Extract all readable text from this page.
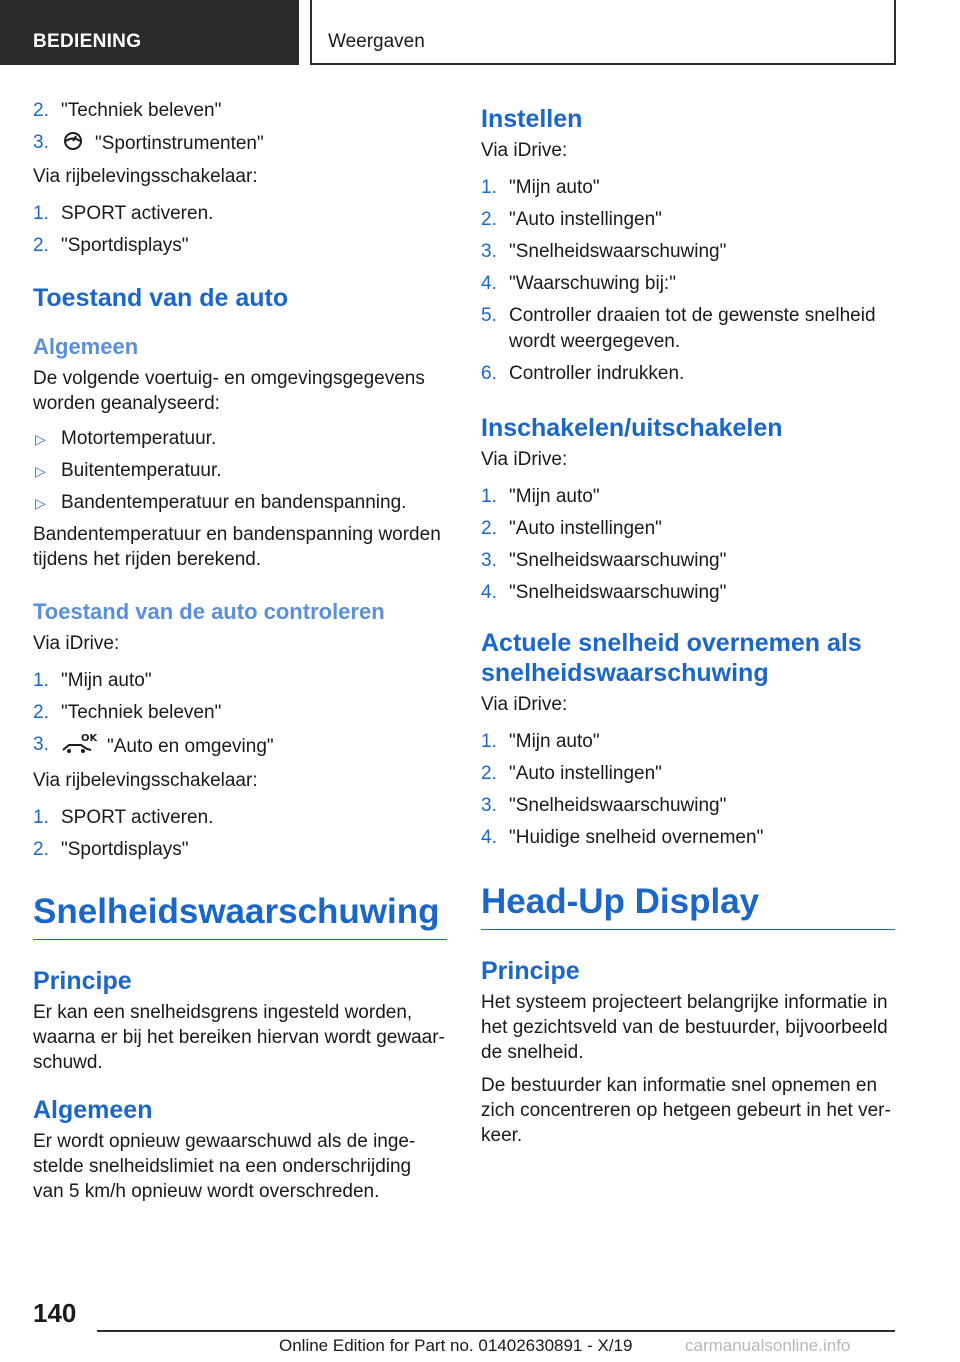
BEDIENING	Weergaven
2. "Techniek beleven"
3. "Sportinstrumenten"

Via rijbelevingsschakelaar:

1. SPORT activeren.
2. "Sportdisplays"
Toestand van de auto
Algemeen

De volgende voertuig- en omgevingsgegevens worden geanalyseerd:

▷ Motortemperatuur.
▷ Buitentemperatuur.
▷ Bandentemperatuur en bandenspanning.

Bandentemperatuur en bandenspanning worden tijdens het rijden berekend.

Toestand van de auto controleren

Via iDrive:

1. "Mijn auto"
2. "Techniek beleven"
3.	OK "Auto en omgeving"

Via rijbelevingsschakelaar:

1. SPORT activeren.
2. "Sportdisplays"
Snelheidswaarschuwing
Principe

Er kan een snelheidsgrens ingesteld worden, waarna er bij het bereiken hiervan wordt gewaar-schuwd.

Algemeen

Er wordt opnieuw gewaarschuwd als de inge-stelde snelheidslimiet na een onderschrijding van 5 km/h opnieuw wordt overschreden.

Instellen

Via iDrive:

1. "Mijn auto"
2. "Auto instellingen"
3. "Snelheidswaarschuwing"
4. "Waarschuwing bij:"
5. Controller draaien tot de gewenste snelheid wordt weergegeven.
6. Controller indrukken.
Inschakelen/uitschakelen

Via iDrive:

1. "Mijn auto"
2. "Auto instellingen"
3. "Snelheidswaarschuwing"
4. "Snelheidswaarschuwing"
Actuele snelheid overnemen als snelheidswaarschuwing

Via iDrive:

1. "Mijn auto"
2. "Auto instellingen"
3. "Snelheidswaarschuwing"
4. "Huidige snelheid overnemen"
Head-Up Display
Principe

Het systeem projecteert belangrijke informatie in het gezichtsveld van de bestuurder, bijvoorbeeld de snelheid.

De bestuurder kan informatie snel opnemen en zich concentreren op hetgeen gebeurt in het ver-keer.

140
Online Edition for Part no. 01402630891 - X/19	carmanualsonline.info
